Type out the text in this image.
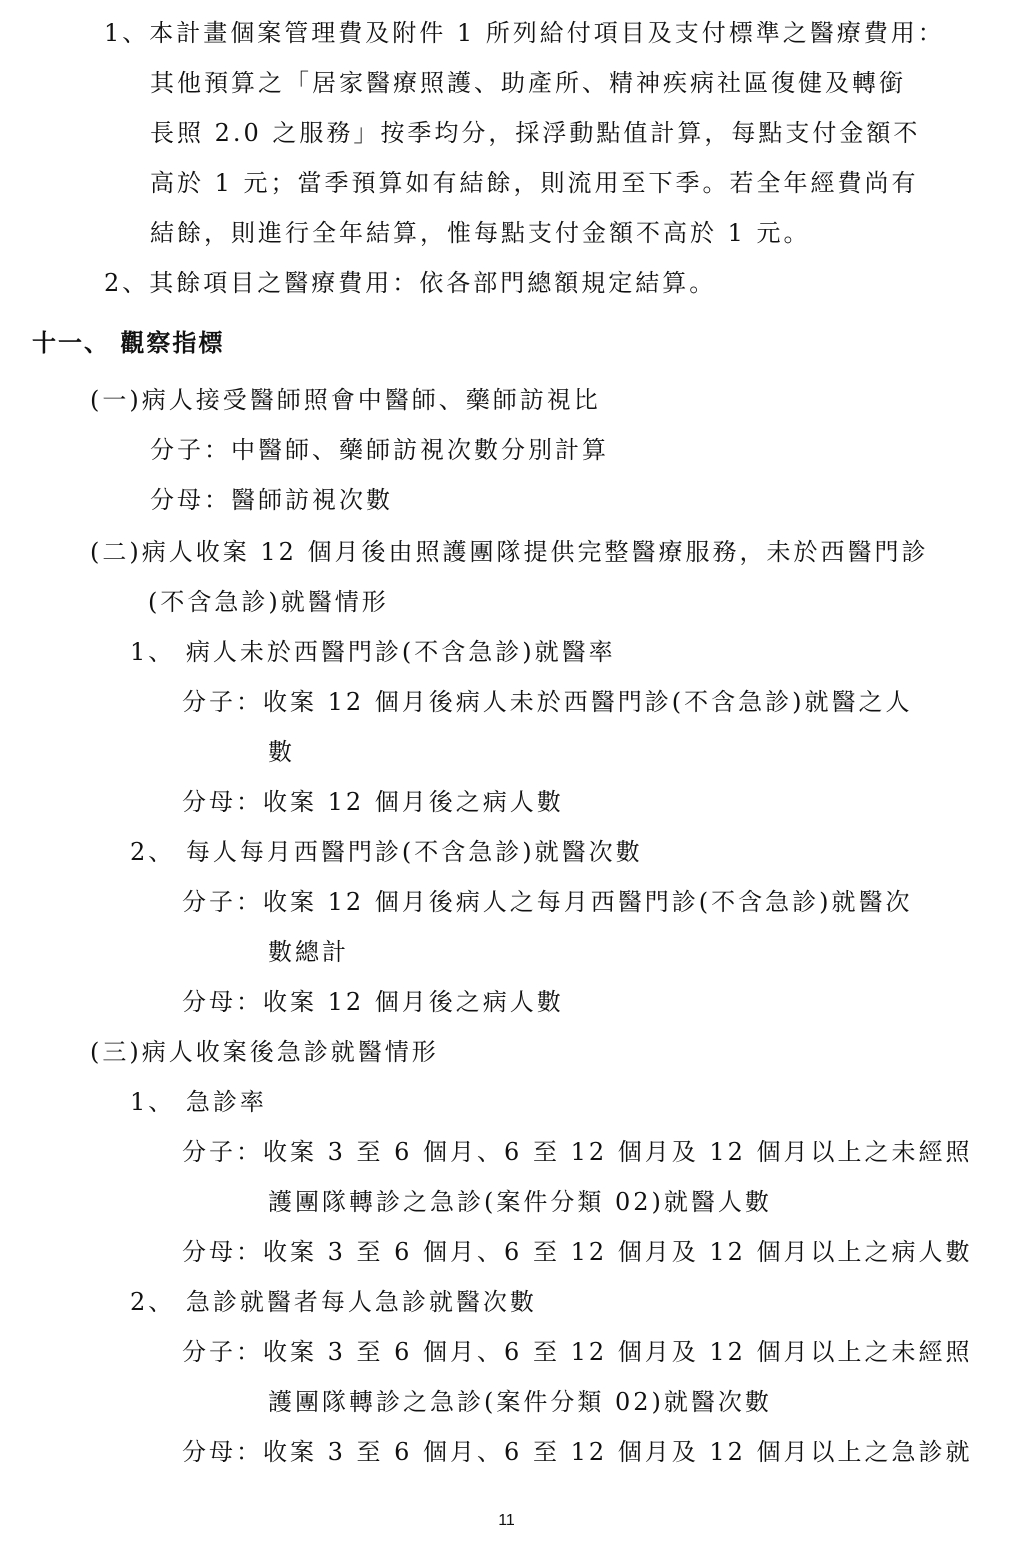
1、本計畫個案管理費及附件 1 所列給付項目及支付標準之醫療費用：
其他預算之「居家醫療照護、助產所、精神疾病社區復健及轉銜
長照 2.0 之服務」按季均分，採浮動點值計算，每點支付金額不
高於 1 元；當季預算如有結餘，則流用至下季。若全年經費尚有
結餘，則進行全年結算，惟每點支付金額不高於 1 元。
2、其餘項目之醫療費用：依各部門總額規定結算。
十一、 觀察指標
(一)病人接受醫師照會中醫師、藥師訪視比
分子：中醫師、藥師訪視次數分別計算
分母：醫師訪視次數
(二)病人收案 12 個月後由照護團隊提供完整醫療服務，未於西醫門診
(不含急診)就醫情形
1、 病人未於西醫門診(不含急診)就醫率
分子：收案 12 個月後病人未於西醫門診(不含急診)就醫之人
數
分母：收案 12 個月後之病人數
2、 每人每月西醫門診(不含急診)就醫次數
分子：收案 12 個月後病人之每月西醫門診(不含急診)就醫次
數總計
分母：收案 12 個月後之病人數
(三)病人收案後急診就醫情形
1、 急診率
分子：收案 3 至 6 個月、6 至 12 個月及 12 個月以上之未經照
護團隊轉診之急診(案件分類 02)就醫人數
分母：收案 3 至 6 個月、6 至 12 個月及 12 個月以上之病人數
2、 急診就醫者每人急診就醫次數
分子：收案 3 至 6 個月、6 至 12 個月及 12 個月以上之未經照
護團隊轉診之急診(案件分類 02)就醫次數
分母：收案 3 至 6 個月、6 至 12 個月及 12 個月以上之急診就
11
